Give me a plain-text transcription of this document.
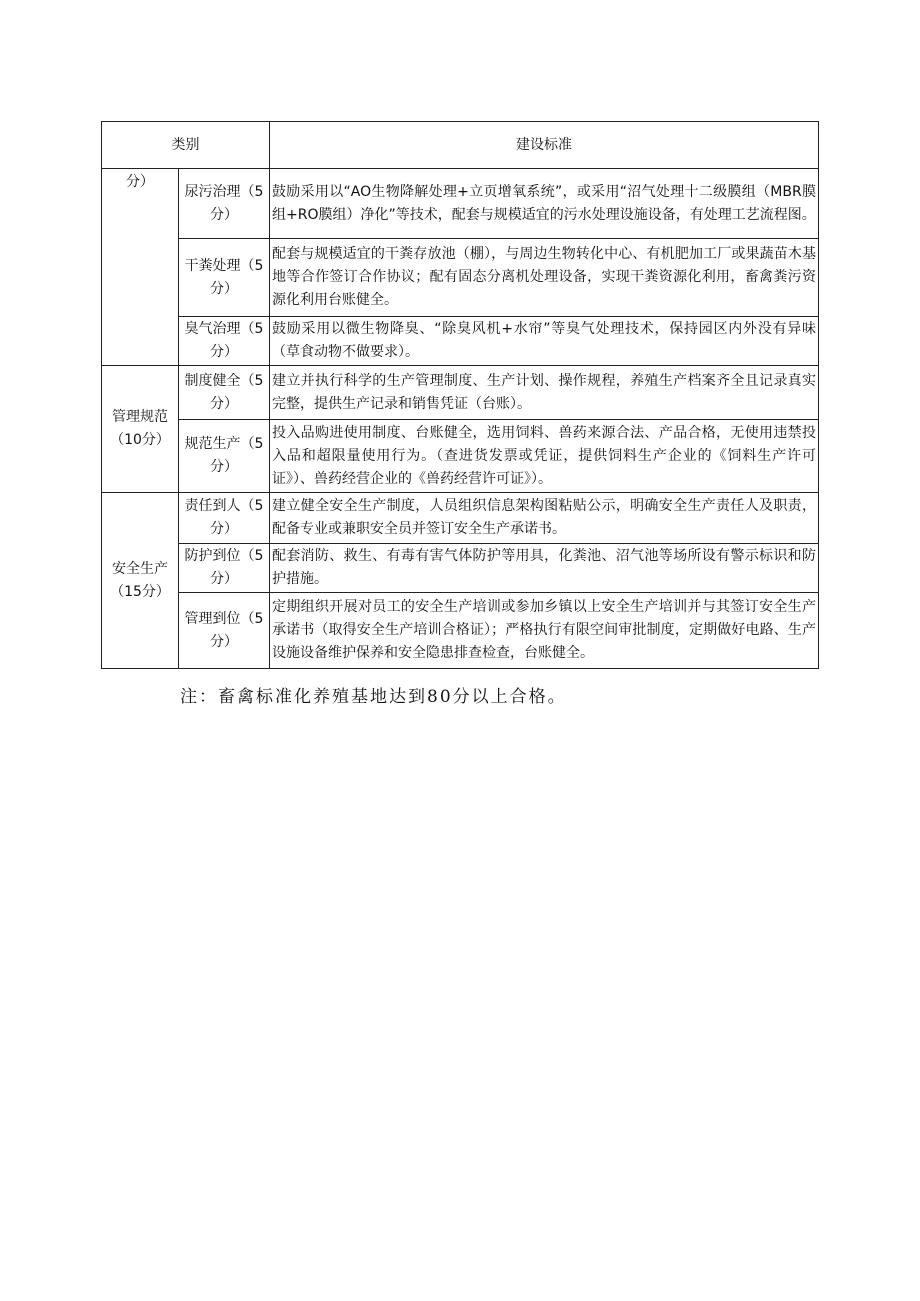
类别		建设标准
分）	尿污治理（5分）	鼓励采用以“AO生物降解处理+立页增氧系统”，或采用“沼气处理十二级膜组（MBR膜组+RO膜组）净化”等技术，配套与规模适宜的污水处理设施设备，有处理工艺流程图。
	干粪处理（5分）	配套与规模适宜的干粪存放池（棚），与周边生物转化中心、有机肥加工厂或果蔬苗木基地等合作签订合作协议；配有固态分离机处理设备，实现干粪资源化利用，畜禽粪污资源化利用台账健全。
	臭气治理（5分）	鼓励采用以微生物降臭、“除臭风机+水帘”等臭气处理技术，保持园区内外没有异味（草食动物不做要求）。
管理规范（10分）	制度健全（5分）	建立并执行科学的生产管理制度、生产计划、操作规程，养殖生产档案齐全且记录真实完整，提供生产记录和销售凭证（台账）。
	规范生产（5分）	投入品购进使用制度、台账健全，选用饲料、兽药来源合法、产品合格，无使用违禁投入品和超限量使用行为。（查进货发票或凭证，提供饲料生产企业的《饲料生产许可证》）、兽药经营企业的《兽药经营许可证》）。
安全生产（15分）	责任到人（5分）	建立健全安全生产制度，人员组织信息架构图粘贴公示，明确安全生产责任人及职责，配备专业或兼职安全员并签订安全生产承诺书。
	防护到位（5分）	配套消防、救生、有毒有害气体防护等用具，化粪池、沼气池等场所设有警示标识和防护措施。
	管理到位（5分）	定期组织开展对员工的安全生产培训或参加乡镇以上安全生产培训并与其签订安全生产承诺书（取得安全生产培训合格证）；严格执行有限空间审批制度，定期做好电路、生产设施设备维护保养和安全隐患排查检查，台账健全。
注：畜禽标准化养殖基地达到80分以上合格。
